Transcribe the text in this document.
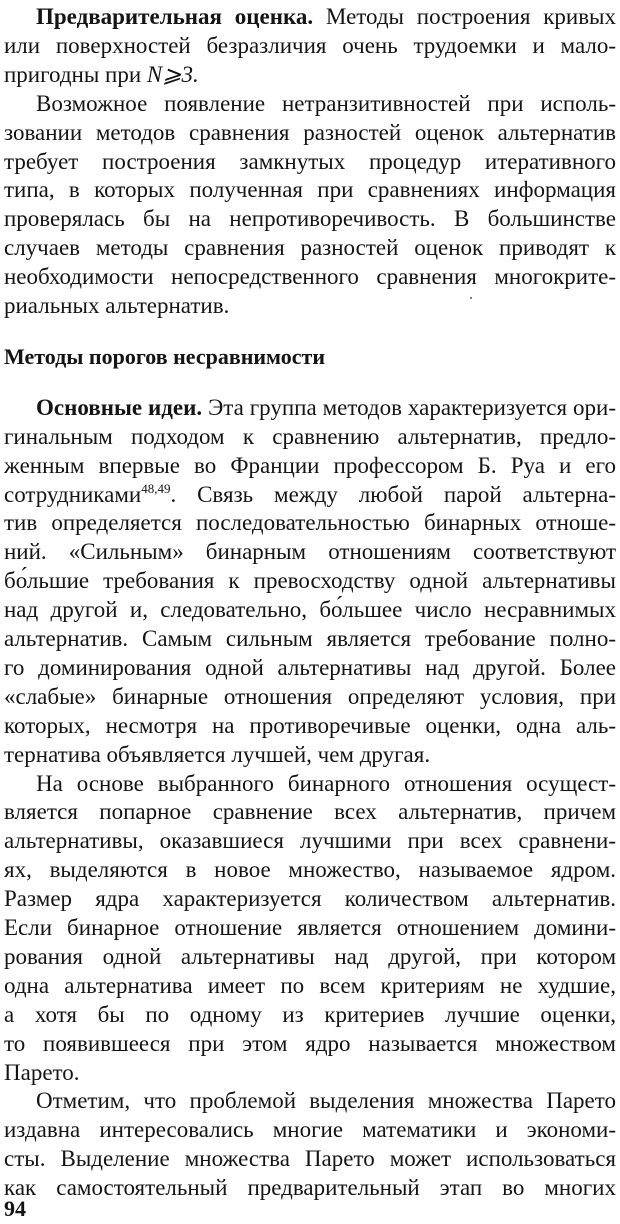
Предварительная оценка. Методы построения кривых
или поверхностей безразличия очень трудоемки и мало-
пригодны при N⩾3.
Возможное появление нетранзитивностей при исполь-
зовании методов сравнения разностей оценок альтернатив
требует построения замкнутых процедур итеративного
типа, в которых полученная при сравнениях информация
проверялась бы на непротиворечивость. В большинстве
случаев методы сравнения разностей оценок приводят к
необходимости непосредственного сравнения многокрите-
риальных альтернатив.
Методы порогов несравнимости
Основные идеи. Эта группа методов характеризуется ори-
гинальным подходом к сравнению альтернатив, предло-
женным впервые во Франции профессором Б. Руа и его
сотрудниками$^{48,49}$. Связь между любой парой альтерна-
тив определяется последовательностью бинарных отноше-
ний. «Сильным» бинарным отношениям соответствуют
бо́льшие требования к превосходству одной альтернативы
над другой и, следовательно, бо́льшее число несравнимых
альтернатив. Самым сильным является требование полно-
го доминирования одной альтернативы над другой. Более
«слабые» бинарные отношения определяют условия, при
которых, несмотря на противоречивые оценки, одна аль-
тернатива объявляется лучшей, чем другая.
На основе выбранного бинарного отношения осущест-
вляется попарное сравнение всех альтернатив, причем
альтернативы, оказавшиеся лучшими при всех сравнени-
ях, выделяются в новое множество, называемое ядром.
Размер ядра характеризуется количеством альтернатив.
Если бинарное отношение является отношением домини-
рования одной альтернативы над другой, при котором
одна альтернатива имеет по всем критериям не худшие,
а хотя бы по одному из критериев лучшие оценки,
то появившееся при этом ядро называется множеством
Парето.
Отметим, что проблемой выделения множества Парето
издавна интересовались многие математики и экономи-
сты. Выделение множества Парето может использоваться
как самостоятельный предварительный этап во многих
94
